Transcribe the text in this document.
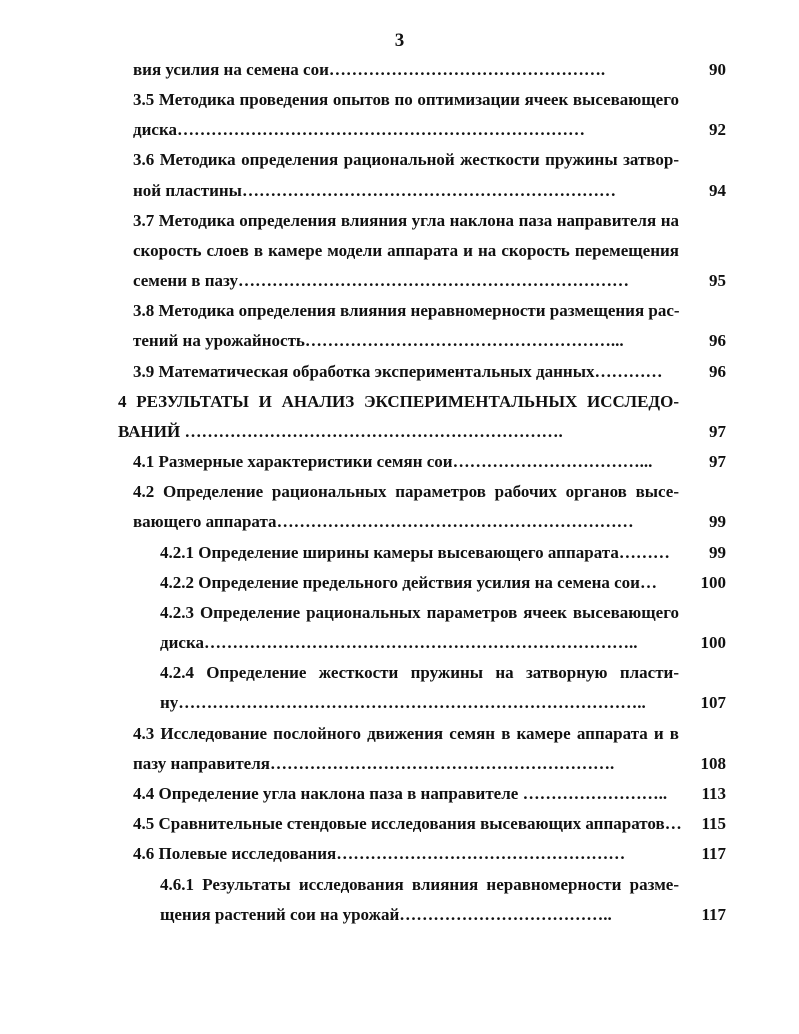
3
вия усилия на семена сои………………………………………….	90
3.5 Методика проведения опытов по оптимизации ячеек высевающего
диска………………………………………………………………	92
3.6 Методика определения рациональной жесткости пружины затвор-
ной пластины…………………………………………………………	94
3.7 Методика определения влияния угла наклона паза направителя на
скорость слоев в камере модели аппарата и на скорость перемещения
семени в пазу……………………………………………………………	95
3.8 Методика определения влияния неравномерности размещения рас-
тений на урожайность………………………………………………...	96
3.9 Математическая обработка экспериментальных данных…………	96
4 РЕЗУЛЬТАТЫ И АНАЛИЗ ЭКСПЕРИМЕНТАЛЬНЫХ ИССЛЕДО-
ВАНИЙ ………………………………………………………….	97
4.1 Размерные характеристики семян сои……………………………...	97
4.2 Определение рациональных параметров рабочих органов высе-
вающего аппарата………………………………………………………	99
4.2.1 Определение ширины камеры высевающего аппарата………	99
4.2.2 Определение предельного действия усилия на семена сои…	100
4.2.3 Определение рациональных параметров ячеек высевающего
диска…………………………………………………………………..	100
4.2.4 Определение жесткости пружины на затворную пласти-
ну………………………………………………………………………..	107
4.3 Исследование послойного движения семян в камере аппарата и в
пазу направителя…………………………………………………….	108
4.4 Определение угла наклона паза в направителе ……………………..	113
4.5 Сравнительные стендовые исследования высевающих аппаратов…	115
4.6 Полевые исследования……………………………………………	117
4.6.1 Результаты исследования влияния неравномерности разме-
щения растений сои на урожай………………………………..	117
